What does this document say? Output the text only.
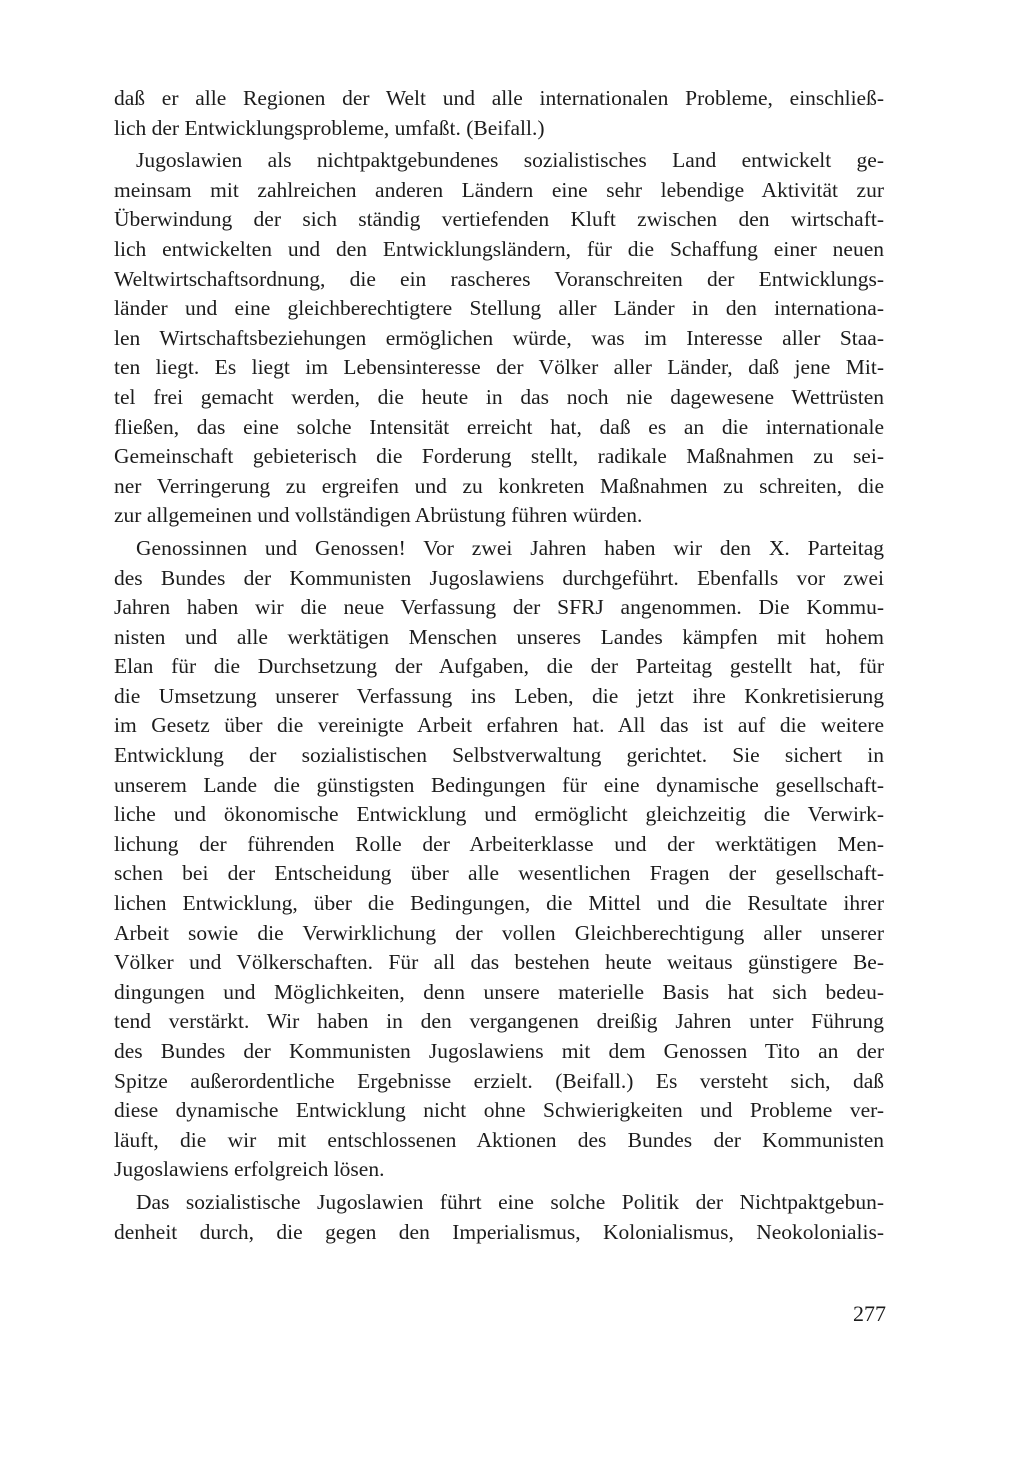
daß er alle Regionen der Welt und alle internationalen Probleme, einschließ-
lich der Entwicklungsprobleme, umfaßt. (Beifall.)
Jugoslawien als nichtpaktgebundenes sozialistisches Land entwickelt ge-
meinsam mit zahlreichen anderen Ländern eine sehr lebendige Aktivität zur
Überwindung der sich ständig vertiefenden Kluft zwischen den wirtschaft-
lich entwickelten und den Entwicklungsländern, für die Schaffung einer neuen
Weltwirtschaftsordnung, die ein rascheres Voranschreiten der Entwicklungs-
länder und eine gleichberechtigtere Stellung aller Länder in den internationa-
len Wirtschaftsbeziehungen ermöglichen würde, was im Interesse aller Staa-
ten liegt. Es liegt im Lebensinteresse der Völker aller Länder, daß jene Mit-
tel frei gemacht werden, die heute in das noch nie dagewesene Wettrüsten
fließen, das eine solche Intensität erreicht hat, daß es an die internationale
Gemeinschaft gebieterisch die Forderung stellt, radikale Maßnahmen zu sei-
ner Verringerung zu ergreifen und zu konkreten Maßnahmen zu schreiten, die
zur allgemeinen und vollständigen Abrüstung führen würden.
Genossinnen und Genossen! Vor zwei Jahren haben wir den X. Parteitag
des Bundes der Kommunisten Jugoslawiens durchgeführt. Ebenfalls vor zwei
Jahren haben wir die neue Verfassung der SFRJ angenommen. Die Kommu-
nisten und alle werktätigen Menschen unseres Landes kämpfen mit hohem
Elan für die Durchsetzung der Aufgaben, die der Parteitag gestellt hat, für
die Umsetzung unserer Verfassung ins Leben, die jetzt ihre Konkretisierung
im Gesetz über die vereinigte Arbeit erfahren hat. All das ist auf die weitere
Entwicklung der sozialistischen Selbstverwaltung gerichtet. Sie sichert in
unserem Lande die günstigsten Bedingungen für eine dynamische gesellschaft-
liche und ökonomische Entwicklung und ermöglicht gleichzeitig die Verwirk-
lichung der führenden Rolle der Arbeiterklasse und der werktätigen Men-
schen bei der Entscheidung über alle wesentlichen Fragen der gesellschaft-
lichen Entwicklung, über die Bedingungen, die Mittel und die Resultate ihrer
Arbeit sowie die Verwirklichung der vollen Gleichberechtigung aller unserer
Völker und Völkerschaften. Für all das bestehen heute weitaus günstigere Be-
dingungen und Möglichkeiten, denn unsere materielle Basis hat sich bedeu-
tend verstärkt. Wir haben in den vergangenen dreißig Jahren unter Führung
des Bundes der Kommunisten Jugoslawiens mit dem Genossen Tito an der
Spitze außerordentliche Ergebnisse erzielt. (Beifall.) Es versteht sich, daß
diese dynamische Entwicklung nicht ohne Schwierigkeiten und Probleme ver-
läuft, die wir mit entschlossenen Aktionen des Bundes der Kommunisten
Jugoslawiens erfolgreich lösen.
Das sozialistische Jugoslawien führt eine solche Politik der Nichtpaktgebun-
denheit durch, die gegen den Imperialismus, Kolonialismus, Neokolonialis-
277
